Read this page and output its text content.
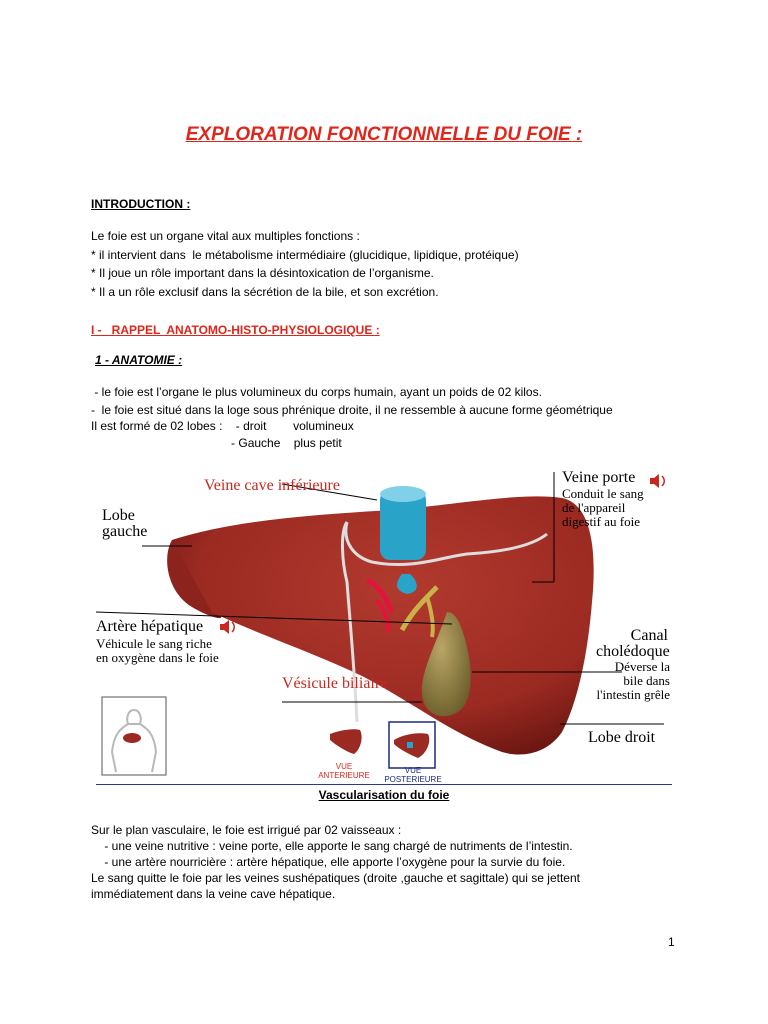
EXPLORATION FONCTIONNELLE DU FOIE :
INTRODUCTION :
Le foie est un organe vital aux multiples fonctions :
* il intervient dans  le métabolisme intermédiaire (glucidique, lipidique, protéique)
* Il joue un rôle important dans la désintoxication de l’organisme.
* Il a un rôle exclusif dans la sécrétion de la bile, et son excrétion.
I -   RAPPEL  ANATOMO-HISTO-PHYSIOLOGIQUE :
1 - ANATOMIE :
- le foie est l’organe le plus volumineux du corps humain, ayant un poids de 02 kilos.
-  le foie est situé dans la loge sous phrénique droite, il ne ressemble à aucune forme géométrique
Il est formé de 02 lobes :    - droit        volumineux
- Gauche    plus petit
Veine cave inférieure
Lobe
gauche
Veine porte
Conduit le sang
de l'appareil
digestif au foie
Artère hépatique
Véhicule le sang riche
en oxygène dans le foie
Canal
cholédoque
Déverse la
bile dans
l'intestin grêle
Vésicule biliaire
Lobe droit
VUE
ANTERIEURE
VUE
POSTERIEURE
Vascularisation du foie
Sur le plan vasculaire, le foie est irrigué par 02 vaisseaux :
- une veine nutritive : veine porte, elle apporte le sang chargé de nutriments de l’intestin.
- une artère nourricière : artère hépatique, elle apporte l’oxygène pour la survie du foie.
Le sang quitte le foie par les veines sushépatiques (droite ,gauche et sagittale) qui se jettent
immédiatement dans la veine cave hépatique.
1
